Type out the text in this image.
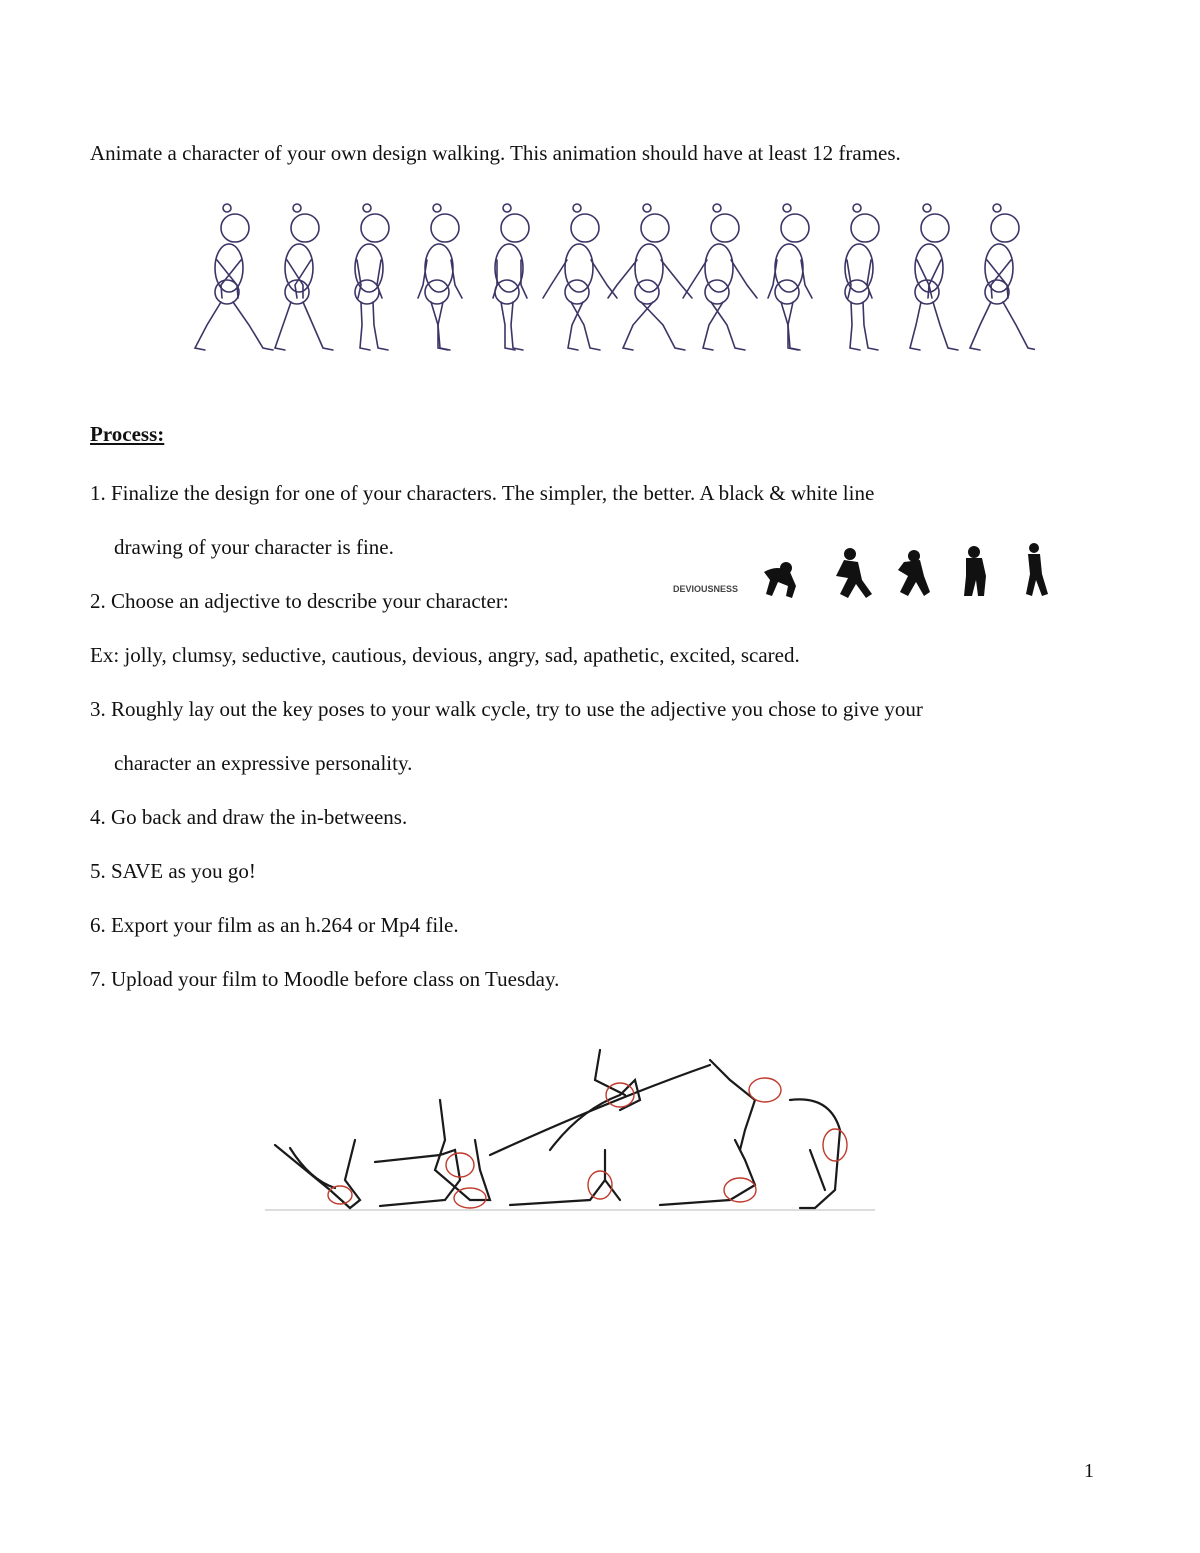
Animate a character of your own design walking. This animation should have at least 12 frames.
Process:
1. Finalize the design for one of your characters. The simpler, the better. A black & white line
drawing of your character is fine.
2. Choose an adjective to describe your character:	DEVIOUSNESS
Ex: jolly, clumsy, seductive, cautious, devious, angry, sad, apathetic, excited, scared.
3. Roughly lay out the key poses to your walk cycle, try to use the adjective you chose to give your
character an expressive personality.
4. Go back and draw the in-betweens.
5. SAVE as you go!
6. Export your film as an h.264 or Mp4 file.
7. Upload your film to Moodle before class on Tuesday.
1
